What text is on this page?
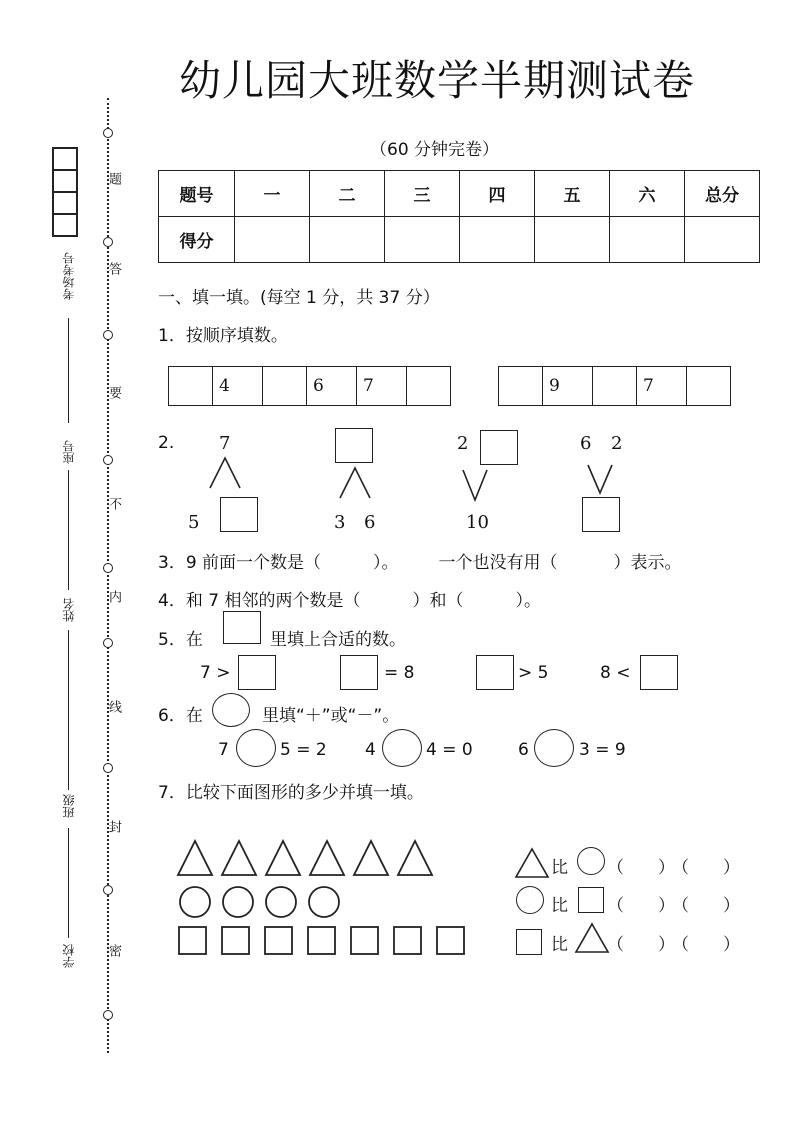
幼儿园大班数学半期测试卷
（60 分钟完卷）
题
答
要
不
内
线
封
密
考场考号
座号
姓名
班级
学校
题号	一	二	三	四	五	六	总分
得分							
一、填一填。(每空 1 分，共 37 分）
1．按顺序填数。
	4		6	7	
		9		7	
2. 7
5	3 6
2
10
6 2
3．9 前面一个数是（	）。 一个也没有用（	）表示。
4．和 7 相邻的两个数是（	）和（	）。
5．在	里填上合适的数。
7 >	= 8	> 5	8 <
6．在	里填“＋”或“－”。
7	5 = 2 4	4 = 0	6	3 = 9
7．比较下面图形的多少并填一填。
比 （　　）
（　　）
比 （　　）
（　　）
比 （　　）
（　　）
